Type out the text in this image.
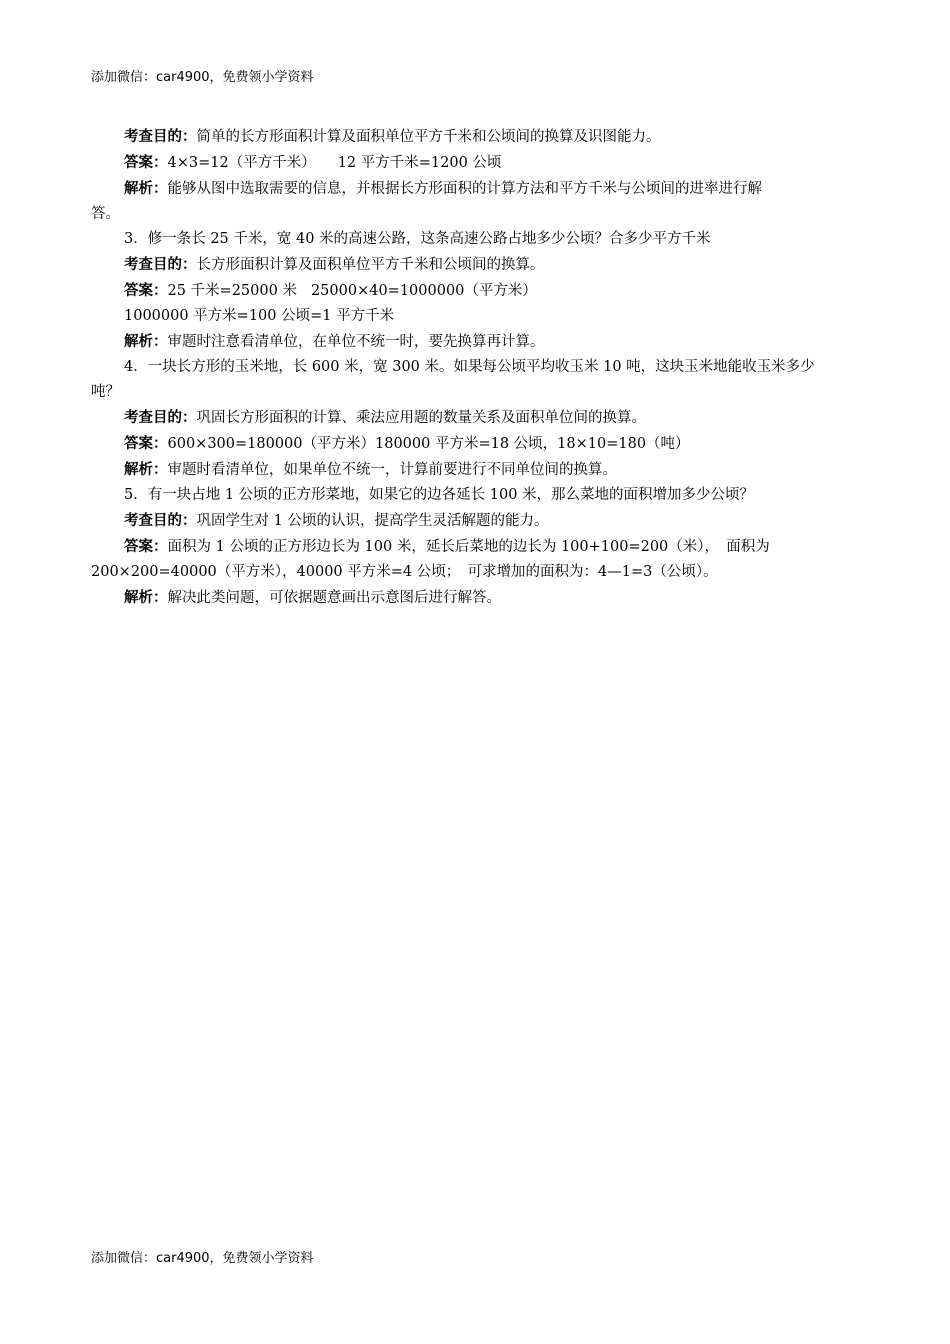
添加微信：car4900，免费领小学资料
考查目的：简单的长方形面积计算及面积单位平方千米和公顷间的换算及识图能力。
答案：4×3=12（平方千米） 12 平方千米=1200 公顷
解析：能够从图中选取需要的信息，并根据长方形面积的计算方法和平方千米与公顷间的进率进行解
答。
3．修一条长 25 千米，宽 40 米的高速公路，这条高速公路占地多少公顷？合多少平方千米
考查目的：长方形面积计算及面积单位平方千米和公顷间的换算。
答案：25 千米=25000 米 25000×40=1000000（平方米）
1000000 平方米=100 公顷=1 平方千米
解析：审题时注意看清单位，在单位不统一时，要先换算再计算。
4．一块长方形的玉米地，长 600 米，宽 300 米。如果每公顷平均收玉米 10 吨，这块玉米地能收玉米多少
吨？
考查目的：巩固长方形面积的计算、乘法应用题的数量关系及面积单位间的换算。
答案：600×300=180000（平方米）180000 平方米=18 公顷，18×10=180（吨）
解析：审题时看清单位，如果单位不统一，计算前要进行不同单位间的换算。
5．有一块占地 1 公顷的正方形菜地，如果它的边各延长 100 米，那么菜地的面积增加多少公顷？
考查目的：巩固学生对 1 公顷的认识，提高学生灵活解题的能力。
答案：面积为 1 公顷的正方形边长为 100 米，延长后菜地的边长为 100+100=200（米），　面积为
200×200=40000（平方米），40000 平方米=4 公顷；　可求增加的面积为：4—1=3（公顷）。
解析：解决此类问题，可依据题意画出示意图后进行解答。
添加微信：car4900，免费领小学资料
